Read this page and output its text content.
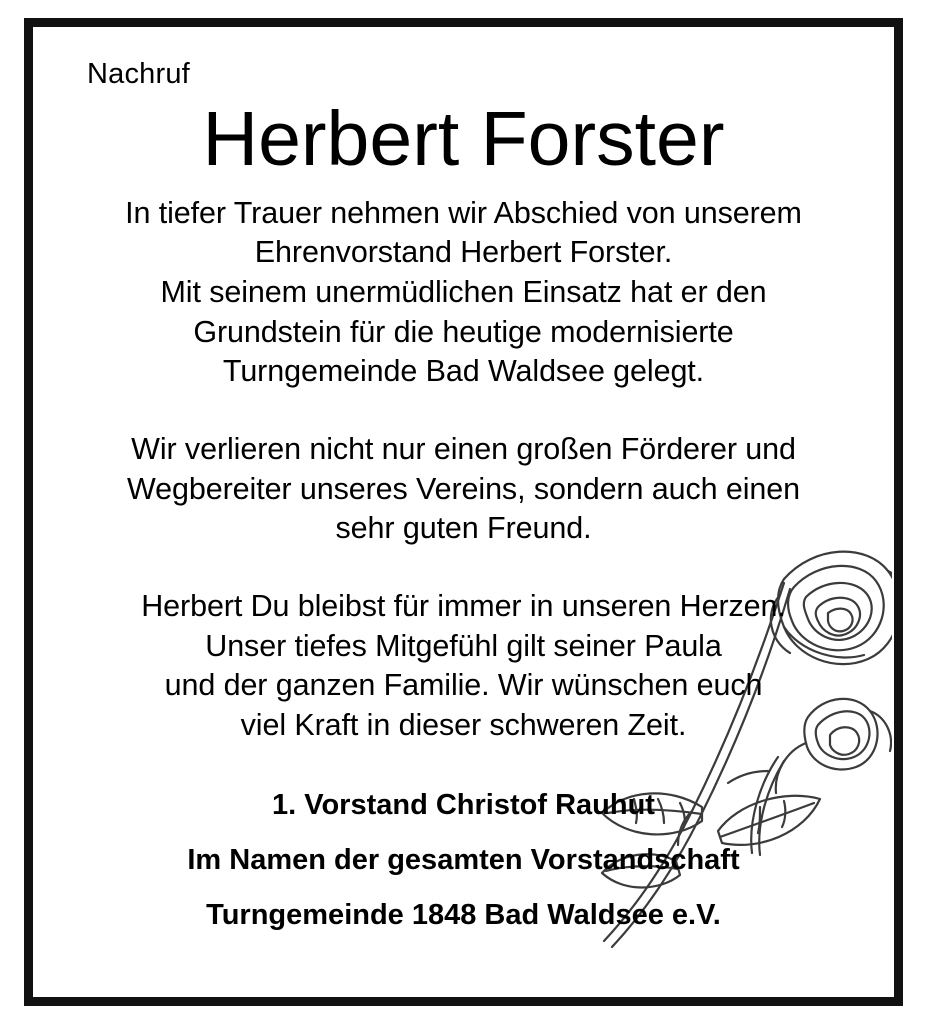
Nachruf
Herbert Forster

In tiefer Trauer nehmen wir Abschied von unserem
Ehrenvorstand Herbert Forster.
Mit seinem unermüdlichen Einsatz hat er den
Grundstein für die heutige modernisierte
Turngemeinde Bad Waldsee gelegt.

Wir verlieren nicht nur einen großen Förderer und
Wegbereiter unseres Vereins, sondern auch einen
sehr guten Freund.

Herbert Du bleibst für immer in unseren Herzen.
Unser tiefes Mitgefühl gilt seiner Paula
und der ganzen Familie. Wir wünschen euch
viel Kraft in dieser schweren Zeit.

1. Vorstand Christof Rauhut
Im Namen der gesamten Vorstandschaft
Turngemeinde 1848 Bad Waldsee e.V.
